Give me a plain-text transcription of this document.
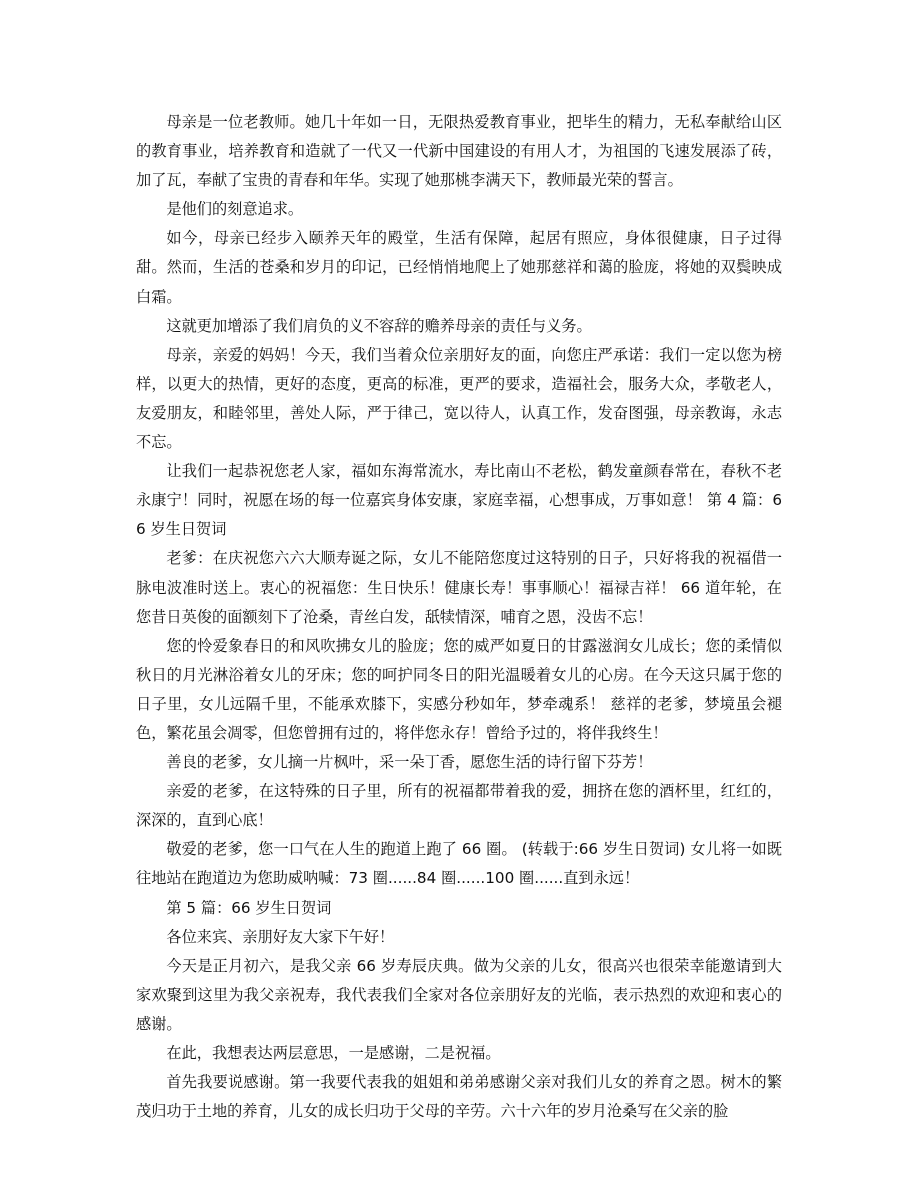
母亲是一位老教师。她几十年如一日，无限热爱教育事业，把毕生的精力，无私奉献给山区的教育事业，培养教育和造就了一代又一代新中国建设的有用人才，为祖国的飞速发展添了砖，加了瓦，奉献了宝贵的青春和年华。实现了她那桃李满天下，教师最光荣的誓言。

是他们的刻意追求。

如今，母亲已经步入颐养天年的殿堂，生活有保障，起居有照应，身体很健康，日子过得甜。然而，生活的苍桑和岁月的印记，已经悄悄地爬上了她那慈祥和蔼的脸庞，将她的双鬓映成白霜。

这就更加增添了我们肩负的义不容辞的赡养母亲的责任与义务。

母亲，亲爱的妈妈！今天，我们当着众位亲朋好友的面，向您庄严承诺：我们一定以您为榜样，以更大的热情，更好的态度，更高的标准，更严的要求，造福社会，服务大众，孝敬老人，友爱朋友，和睦邻里，善处人际，严于律己，宽以待人，认真工作，发奋图强，母亲教诲，永志不忘。

让我们一起恭祝您老人家，福如东海常流水，寿比南山不老松，鹤发童颜春常在，春秋不老永康宁！同时，祝愿在场的每一位嘉宾身体安康，家庭幸福，心想事成，万事如意！ 第 4 篇：66 岁生日贺词

老爹：在庆祝您六六大顺寿诞之际，女儿不能陪您度过这特别的日子，只好将我的祝福借一脉电波准时送上。衷心的祝福您：生日快乐！健康长寿！事事顺心！福禄吉祥！ 66 道年轮，在您昔日英俊的面额刻下了沧桑，青丝白发，舐犊情深，哺育之恩，没齿不忘！

您的怜爱象春日的和风吹拂女儿的脸庞；您的威严如夏日的甘露滋润女儿成长；您的柔情似秋日的月光淋浴着女儿的牙床；您的呵护同冬日的阳光温暖着女儿的心房。在今天这只属于您的日子里，女儿远隔千里，不能承欢膝下，实感分秒如年，梦牵魂系！ 慈祥的老爹，梦境虽会褪色，繁花虽会凋零，但您曾拥有过的，将伴您永存！曾给予过的，将伴我终生！

善良的老爹，女儿摘一片枫叶，采一朵丁香，愿您生活的诗行留下芬芳！

亲爱的老爹，在这特殊的日子里，所有的祝福都带着我的爱，拥挤在您的酒杯里，红红的，深深的，直到心底！

敬爱的老爹，您一口气在人生的跑道上跑了 66 圈。 (转载于:66 岁生日贺词) 女儿将一如既往地站在跑道边为您助威呐喊：73 圈......84 圈......100 圈......直到永远！

第 5 篇：66 岁生日贺词

各位来宾、亲朋好友大家下午好！

今天是正月初六，是我父亲 66 岁寿辰庆典。做为父亲的儿女，很高兴也很荣幸能邀请到大家欢聚到这里为我父亲祝寿，我代表我们全家对各位亲朋好友的光临，表示热烈的欢迎和衷心的感谢。

在此，我想表达两层意思，一是感谢，二是祝福。

首先我要说感谢。第一我要代表我的姐姐和弟弟感谢父亲对我们儿女的养育之恩。树木的繁茂归功于土地的养育，儿女的成长归功于父母的辛劳。六十六年的岁月沧桑写在父亲的脸
